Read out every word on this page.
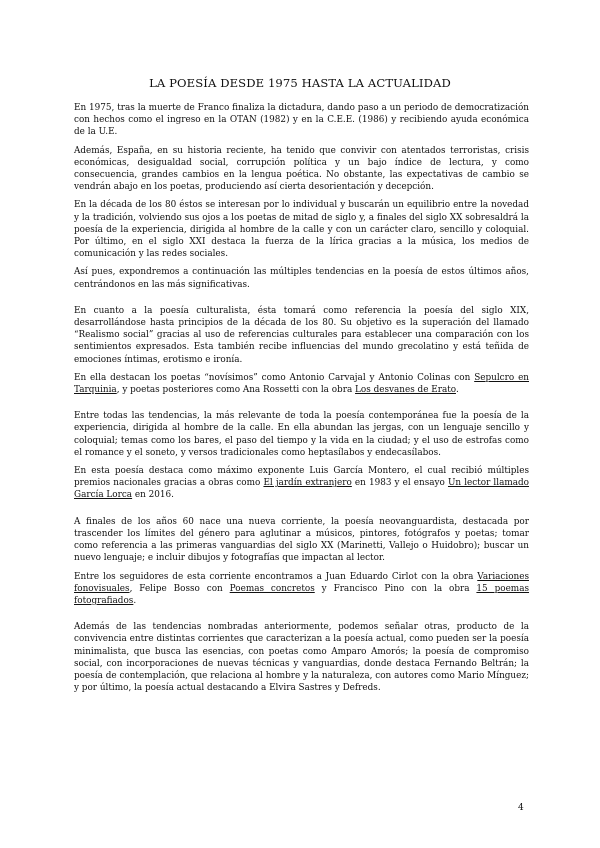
LA POESÍA DESDE 1975 HASTA LA ACTUALIDAD

En 1975, tras la muerte de Franco finaliza la dictadura, dando paso a un periodo de democratización con hechos como el ingreso en la OTAN (1982) y en la C.E.E. (1986) y recibiendo ayuda económica de la U.E.

Además, España, en su historia reciente, ha tenido que convivir con atentados terroristas, crisis económicas, desigualdad social, corrupción política y un bajo índice de lectura, y como consecuencia, grandes cambios en la lengua poética. No obstante, las expectativas de cambio se vendrán abajo en los poetas, produciendo así cierta desorientación y decepción.

En la década de los 80 éstos se interesan por lo individual y buscarán un equilibrio entre la novedad y la tradición, volviendo sus ojos a los poetas de mitad de siglo y, a finales del siglo XX sobresaldrá la poesía de la experiencia, dirigida al hombre de la calle y con un carácter claro, sencillo y coloquial. Por último, en el siglo XXI destaca la fuerza de la lírica gracias a la música, los medios de comunicación y las redes sociales.

Así pues, expondremos a continuación las múltiples tendencias en la poesía de estos últimos años, centrándonos en las más significativas.

En cuanto a la poesía culturalista, ésta tomará como referencia la poesía del siglo XIX, desarrollándose hasta principios de la década de los 80. Su objetivo es la superación del llamado “Realismo social” gracias al uso de referencias culturales para establecer una comparación con los sentimientos expresados. Esta también recibe influencias del mundo grecolatino y está teñida de emociones íntimas, erotismo e ironía.

En ella destacan los poetas “novísimos” como Antonio Carvajal y Antonio Colinas con Sepulcro en Tarquinia, y poetas posteriores como Ana Rossetti con la obra Los desvanes de Erato.

Entre todas las tendencias, la más relevante de toda la poesía contemporánea fue la poesía de la experiencia, dirigida al hombre de la calle. En ella abundan las jergas, con un lenguaje sencillo y coloquial; temas como los bares, el paso del tiempo y la vida en la ciudad; y el uso de estrofas como el romance y el soneto, y versos tradicionales como heptasílabos y endecasílabos.

En esta poesía destaca como máximo exponente Luis García Montero, el cual recibió múltiples premios nacionales gracias a obras como El jardín extranjero en 1983 y el ensayo Un lector llamado García Lorca en 2016.

A finales de los años 60 nace una nueva corriente, la poesía neovanguardista, destacada por trascender los límites del género para aglutinar a músicos, pintores, fotógrafos y poetas; tomar como referencia a las primeras vanguardias del siglo XX (Marinetti, Vallejo o Huidobro); buscar un nuevo lenguaje; e incluir dibujos y fotografías que impactan al lector.

Entre los seguidores de esta corriente encontramos a Juan Eduardo Cirlot con la obra Variaciones fonovisuales, Felipe Bosso con Poemas concretos y Francisco Pino con la obra 15 poemas fotografiados.

Además de las tendencias nombradas anteriormente, podemos señalar otras, producto de la convivencia entre distintas corrientes que caracterizan a la poesía actual, como pueden ser la poesía minimalista, que busca las esencias, con poetas como Amparo Amorós; la poesía de compromiso social, con incorporaciones de nuevas técnicas y vanguardias, donde destaca Fernando Beltrán; la poesía de contemplación, que relaciona al hombre y la naturaleza, con autores como Mario Mínguez; y por último, la poesía actual destacando a Elvira Sastres y Defreds.

4
